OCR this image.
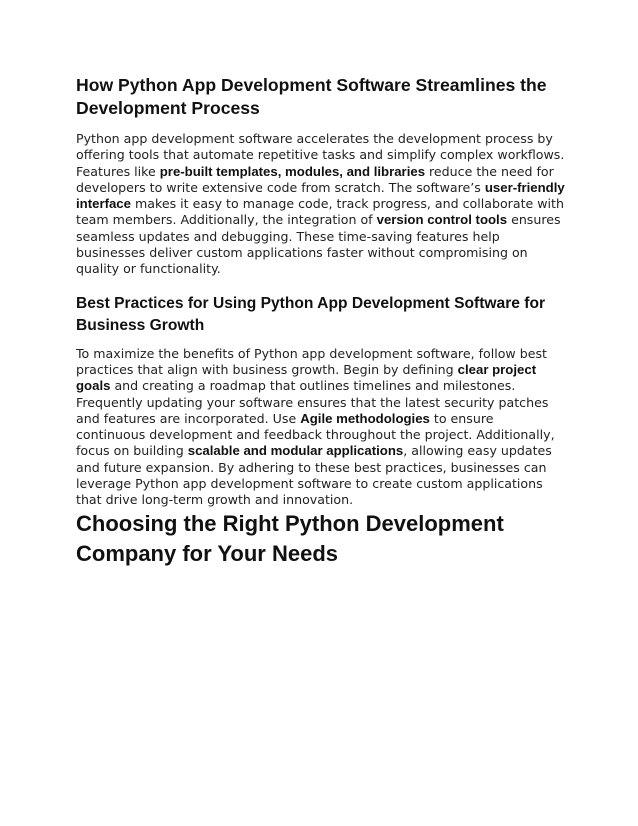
How Python App Development Software Streamlines the Development Process

Python app development software accelerates the development process by offering tools that automate repetitive tasks and simplify complex workflows. Features like pre-built templates, modules, and libraries reduce the need for developers to write extensive code from scratch. The software’s user-friendly interface makes it easy to manage code, track progress, and collaborate with team members. Additionally, the integration of version control tools ensures seamless updates and debugging. These time-saving features help businesses deliver custom applications faster without compromising on quality or functionality.

Best Practices for Using Python App Development Software for Business Growth

To maximize the benefits of Python app development software, follow best practices that align with business growth. Begin by defining clear project goals and creating a roadmap that outlines timelines and milestones. Frequently updating your software ensures that the latest security patches and features are incorporated. Use Agile methodologies to ensure continuous development and feedback throughout the project. Additionally, focus on building scalable and modular applications, allowing easy updates and future expansion. By adhering to these best practices, businesses can leverage Python app development software to create custom applications that drive long-term growth and innovation.

Choosing the Right Python Development Company for Your Needs
